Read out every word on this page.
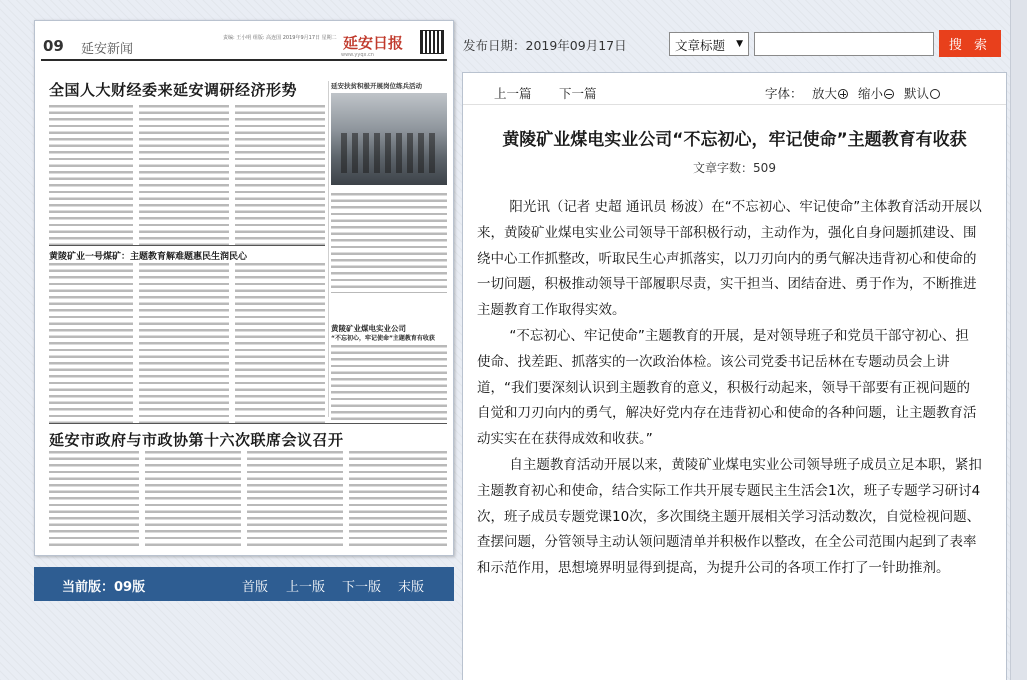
09 延安新闻
责编: 王小明 组版: 高连国 2019年9月17日 星期二 延安日报
www.yyqx.cn
全国人大财经委来延安调研经济形势	延安扶贫积极开展岗位练兵活动
黄陵矿业一号煤矿：主题教育解难题惠民生润民心
黄陵矿业煤电实业公司
“不忘初心，牢记使命”主题教育有收获
延安市政府与市政协第十六次联席会议召开
当前版：09版	首版 上一版 下一版 末版
发布日期：2019年09月17日	文章标题 ▼	搜 索
上一篇 下一篇	字体： 放大	缩小	默认
黄陵矿业煤电实业公司“不忘初心，牢记使命”主题教育有收获
文章字数：509

阳光讯（记者 史超 通讯员 杨波）在“不忘初心、牢记使命”主体教育活动开展以来，黄陵矿业煤电实业公司领导干部积极行动，主动作为，强化自身问题抓建设、围绕中心工作抓整改，听取民生心声抓落实，以刀刃向内的勇气解决违背初心和使命的一切问题，积极推动领导干部履职尽责，实干担当、团结奋进、勇于作为，不断推进主题教育工作取得实效。

“不忘初心、牢记使命”主题教育的开展，是对领导班子和党员干部守初心、担使命、找差距、抓落实的一次政治体检。该公司党委书记岳林在专题动员会上讲道，“我们要深刻认识到主题教育的意义，积极行动起来，领导干部要有正视问题的自觉和刀刃向内的勇气，解决好党内存在违背初心和使命的各种问题，让主题教育活动实实在在获得成效和收获。”

自主题教育活动开展以来，黄陵矿业煤电实业公司领导班子成员立足本职，紧扣主题教育初心和使命，结合实际工作共开展专题民主生活会1次，班子专题学习研讨4次，班子成员专题党课10次，多次围绕主题开展相关学习活动数次，自觉检视问题、查摆问题，分管领导主动认领问题清单并积极作以整改，在全公司范围内起到了表率和示范作用，思想境界明显得到提高，为提升公司的各项工作打了一针助推剂。
